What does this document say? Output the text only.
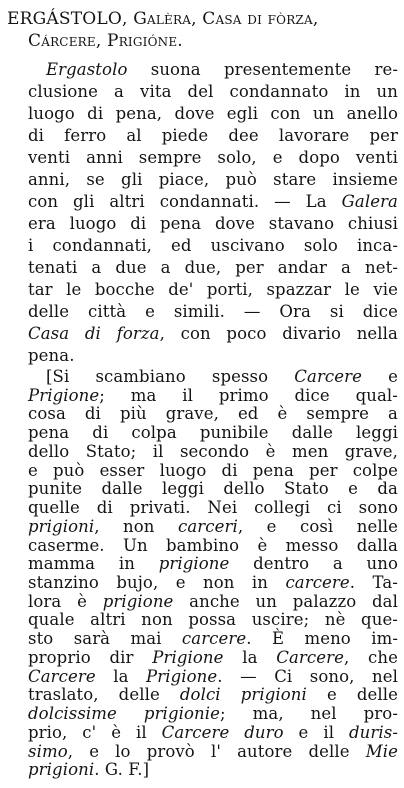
ERGÁSTOLO, Galèra, Casa di fòrza,
Cárcere, Prigióne.
Ergastolo suona presentemente re-
clusione a vita del condannato in un
luogo di pena, dove egli con un anello
di ferro al piede dee lavorare per
venti anni sempre solo, e dopo venti
anni, se gli piace, può stare insieme
con gli altri condannati. — La Galera
era luogo di pena dove stavano chiusi
i condannati, ed uscivano solo inca-
tenati a due a due, per andar a net-
tar le bocche de' porti, spazzar le vie
delle città e simili. — Ora si dice
Casa di forza, con poco divario nella
pena.
[Si scambiano spesso Carcere e
Prigione; ma il primo dice qual-
cosa di più grave, ed è sempre a
pena di colpa punibile dalle leggi
dello Stato; il secondo è men grave,
e può esser luogo di pena per colpe
punite dalle leggi dello Stato e da
quelle di privati. Nei collegi ci sono
prigioni, non carceri, e così nelle
caserme. Un bambino è messo dalla
mamma in prigione dentro a uno
stanzino bujo, e non in carcere. Ta-
lora è prigione anche un palazzo dal
quale altri non possa uscire; nè que-
sto sarà mai carcere. È meno im-
proprio dir Prigione la Carcere, che
Carcere la Prigione. — Ci sono, nel
traslato, delle dolci prigioni e delle
dolcissime prigionie; ma, nel pro-
prio, c' è il Carcere duro e il duris-
simo, e lo provò l' autore delle Mie
prigioni. G. F.]
